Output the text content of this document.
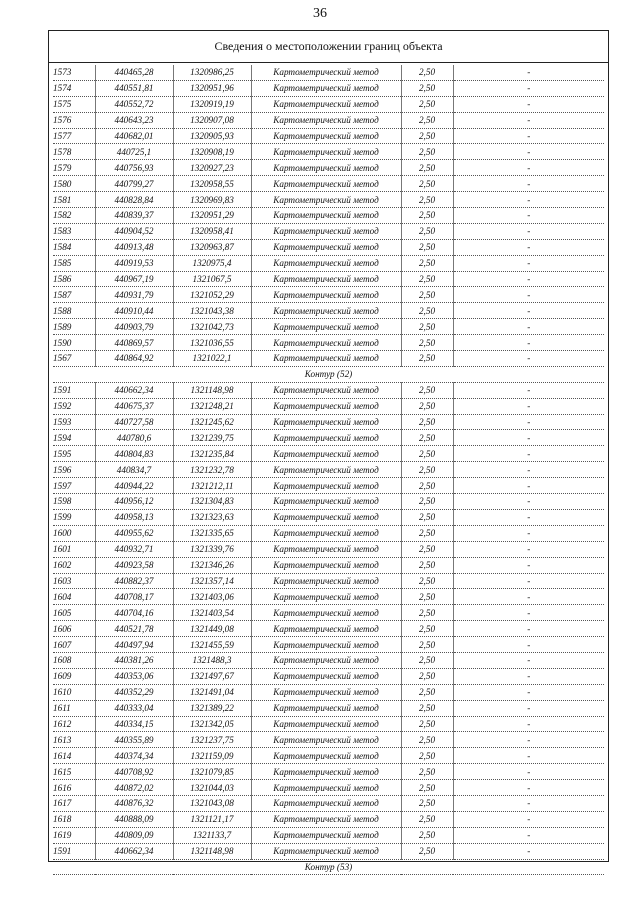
36
Сведения о местоположении границ объекта
1573	440465,28	1320986,25	Картометрический метод	2,50	-
1574	440551,81	1320951,96	Картометрический метод	2,50	-
1575	440552,72	1320919,19	Картометрический метод	2,50	-
1576	440643,23	1320907,08	Картометрический метод	2,50	-
1577	440682,01	1320905,93	Картометрический метод	2,50	-
1578	440725,1	1320908,19	Картометрический метод	2,50	-
1579	440756,93	1320927,23	Картометрический метод	2,50	-
1580	440799,27	1320958,55	Картометрический метод	2,50	-
1581	440828,84	1320969,83	Картометрический метод	2,50	-
1582	440839,37	1320951,29	Картометрический метод	2,50	-
1583	440904,52	1320958,41	Картометрический метод	2,50	-
1584	440913,48	1320963,87	Картометрический метод	2,50	-
1585	440919,53	1320975,4	Картометрический метод	2,50	-
1586	440967,19	1321067,5	Картометрический метод	2,50	-
1587	440931,79	1321052,29	Картометрический метод	2,50	-
1588	440910,44	1321043,38	Картометрический метод	2,50	-
1589	440903,79	1321042,73	Картометрический метод	2,50	-
1590	440869,57	1321036,55	Картометрический метод	2,50	-
1567	440864,92	1321022,1	Картометрический метод	2,50	-
Контур (52)					
1591	440662,34	1321148,98	Картометрический метод	2,50	-
1592	440675,37	1321248,21	Картометрический метод	2,50	-
1593	440727,58	1321245,62	Картометрический метод	2,50	-
1594	440780,6	1321239,75	Картометрический метод	2,50	-
1595	440804,83	1321235,84	Картометрический метод	2,50	-
1596	440834,7	1321232,78	Картометрический метод	2,50	-
1597	440944,22	1321212,11	Картометрический метод	2,50	-
1598	440956,12	1321304,83	Картометрический метод	2,50	-
1599	440958,13	1321323,63	Картометрический метод	2,50	-
1600	440955,62	1321335,65	Картометрический метод	2,50	-
1601	440932,71	1321339,76	Картометрический метод	2,50	-
1602	440923,58	1321346,26	Картометрический метод	2,50	-
1603	440882,37	1321357,14	Картометрический метод	2,50	-
1604	440708,17	1321403,06	Картометрический метод	2,50	-
1605	440704,16	1321403,54	Картометрический метод	2,50	-
1606	440521,78	1321449,08	Картометрический метод	2,50	-
1607	440497,94	1321455,59	Картометрический метод	2,50	-
1608	440381,26	1321488,3	Картометрический метод	2,50	-
1609	440353,06	1321497,67	Картометрический метод	2,50	-
1610	440352,29	1321491,04	Картометрический метод	2,50	-
1611	440333,04	1321389,22	Картометрический метод	2,50	-
1612	440334,15	1321342,05	Картометрический метод	2,50	-
1613	440355,89	1321237,75	Картометрический метод	2,50	-
1614	440374,34	1321159,09	Картометрический метод	2,50	-
1615	440708,92	1321079,85	Картометрический метод	2,50	-
1616	440872,02	1321044,03	Картометрический метод	2,50	-
1617	440876,32	1321043,08	Картометрический метод	2,50	-
1618	440888,09	1321121,17	Картометрический метод	2,50	-
1619	440809,09	1321133,7	Картометрический метод	2,50	-
1591	440662,34	1321148,98	Картометрический метод	2,50	-
Контур (53)					
